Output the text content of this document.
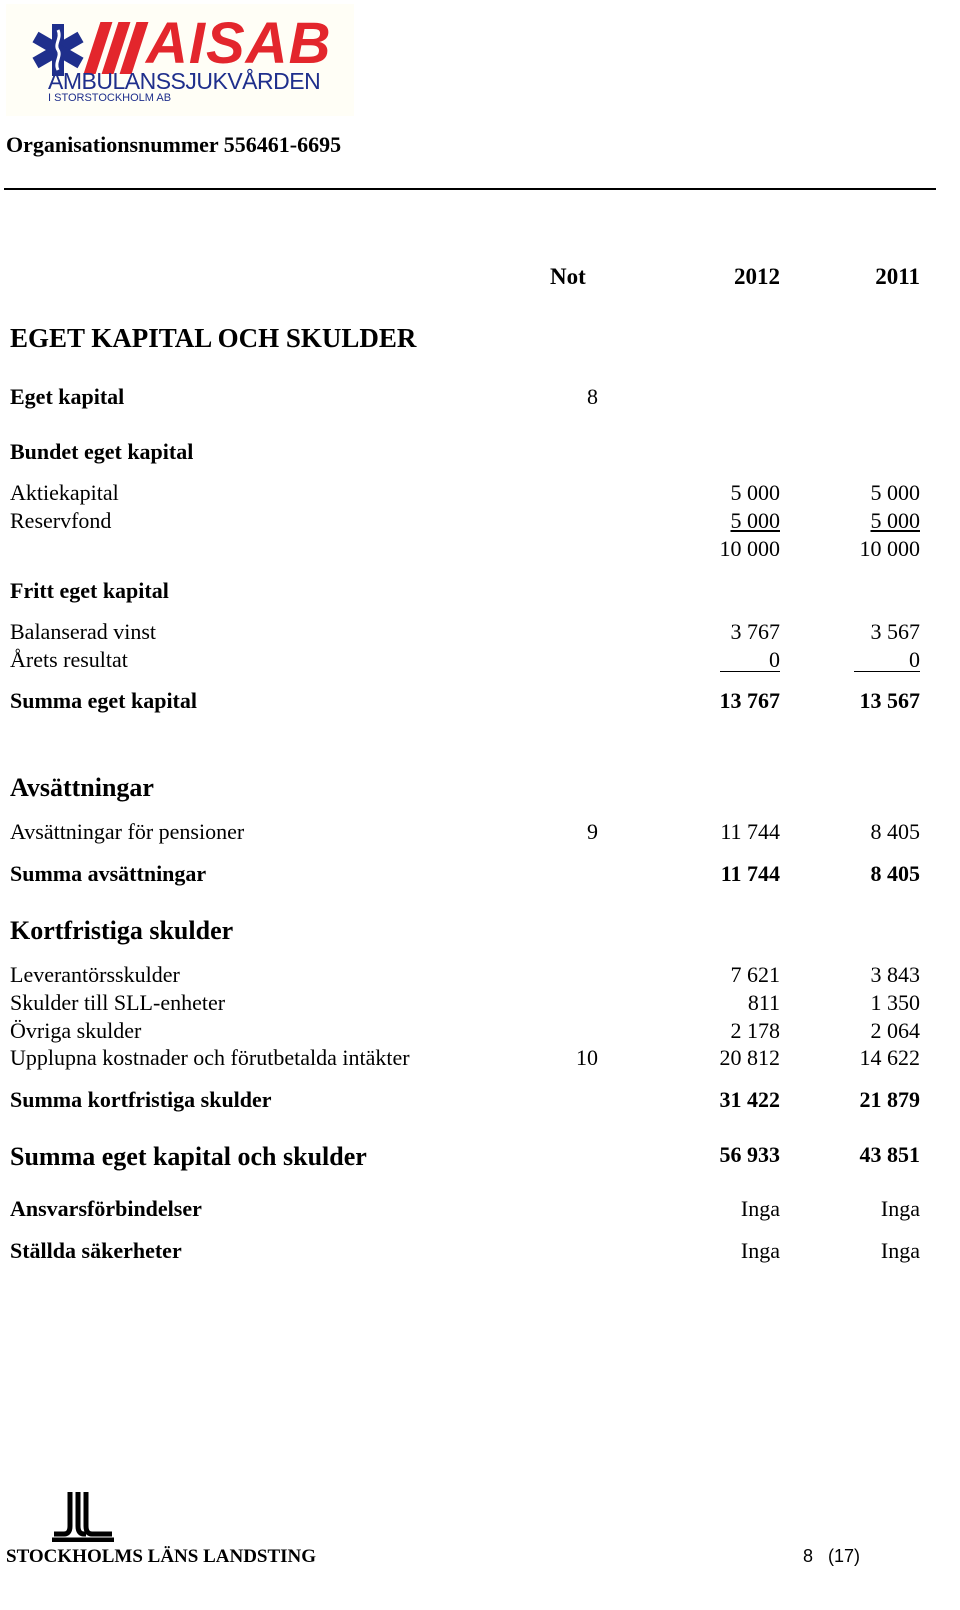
AISAB
AMBULANSSJUKVÅRDEN
I STORSTOCKHOLM AB
Organisationsnummer 556461-6695
Not	2012	2011
EGET KAPITAL OCH SKULDER
Eget kapital	8
Bundet eget kapital
Aktiekapital	5 000	5 000
Reservfond	5 000	5 000
10 000	10 000
Fritt eget kapital
Balanserad vinst	3 767	3 567
Årets resultat	0	0
Summa eget kapital	13 767	13 567
Avsättningar
Avsättningar för pensioner	9	11 744	8 405
Summa avsättningar	11 744	8 405
Kortfristiga skulder
Leverantörsskulder	7 621	3 843
Skulder till SLL-enheter	811	1 350
Övriga skulder	2 178	2 064
Upplupna kostnader och förutbetalda intäkter	10	20 812	14 622
Summa kortfristiga skulder	31 422	21 879
Summa eget kapital och skulder	56 933	43 851
Ansvarsförbindelser	Inga	Inga
Ställda säkerheter	Inga	Inga
STOCKHOLMS LÄNS LANDSTING	8 (17)
